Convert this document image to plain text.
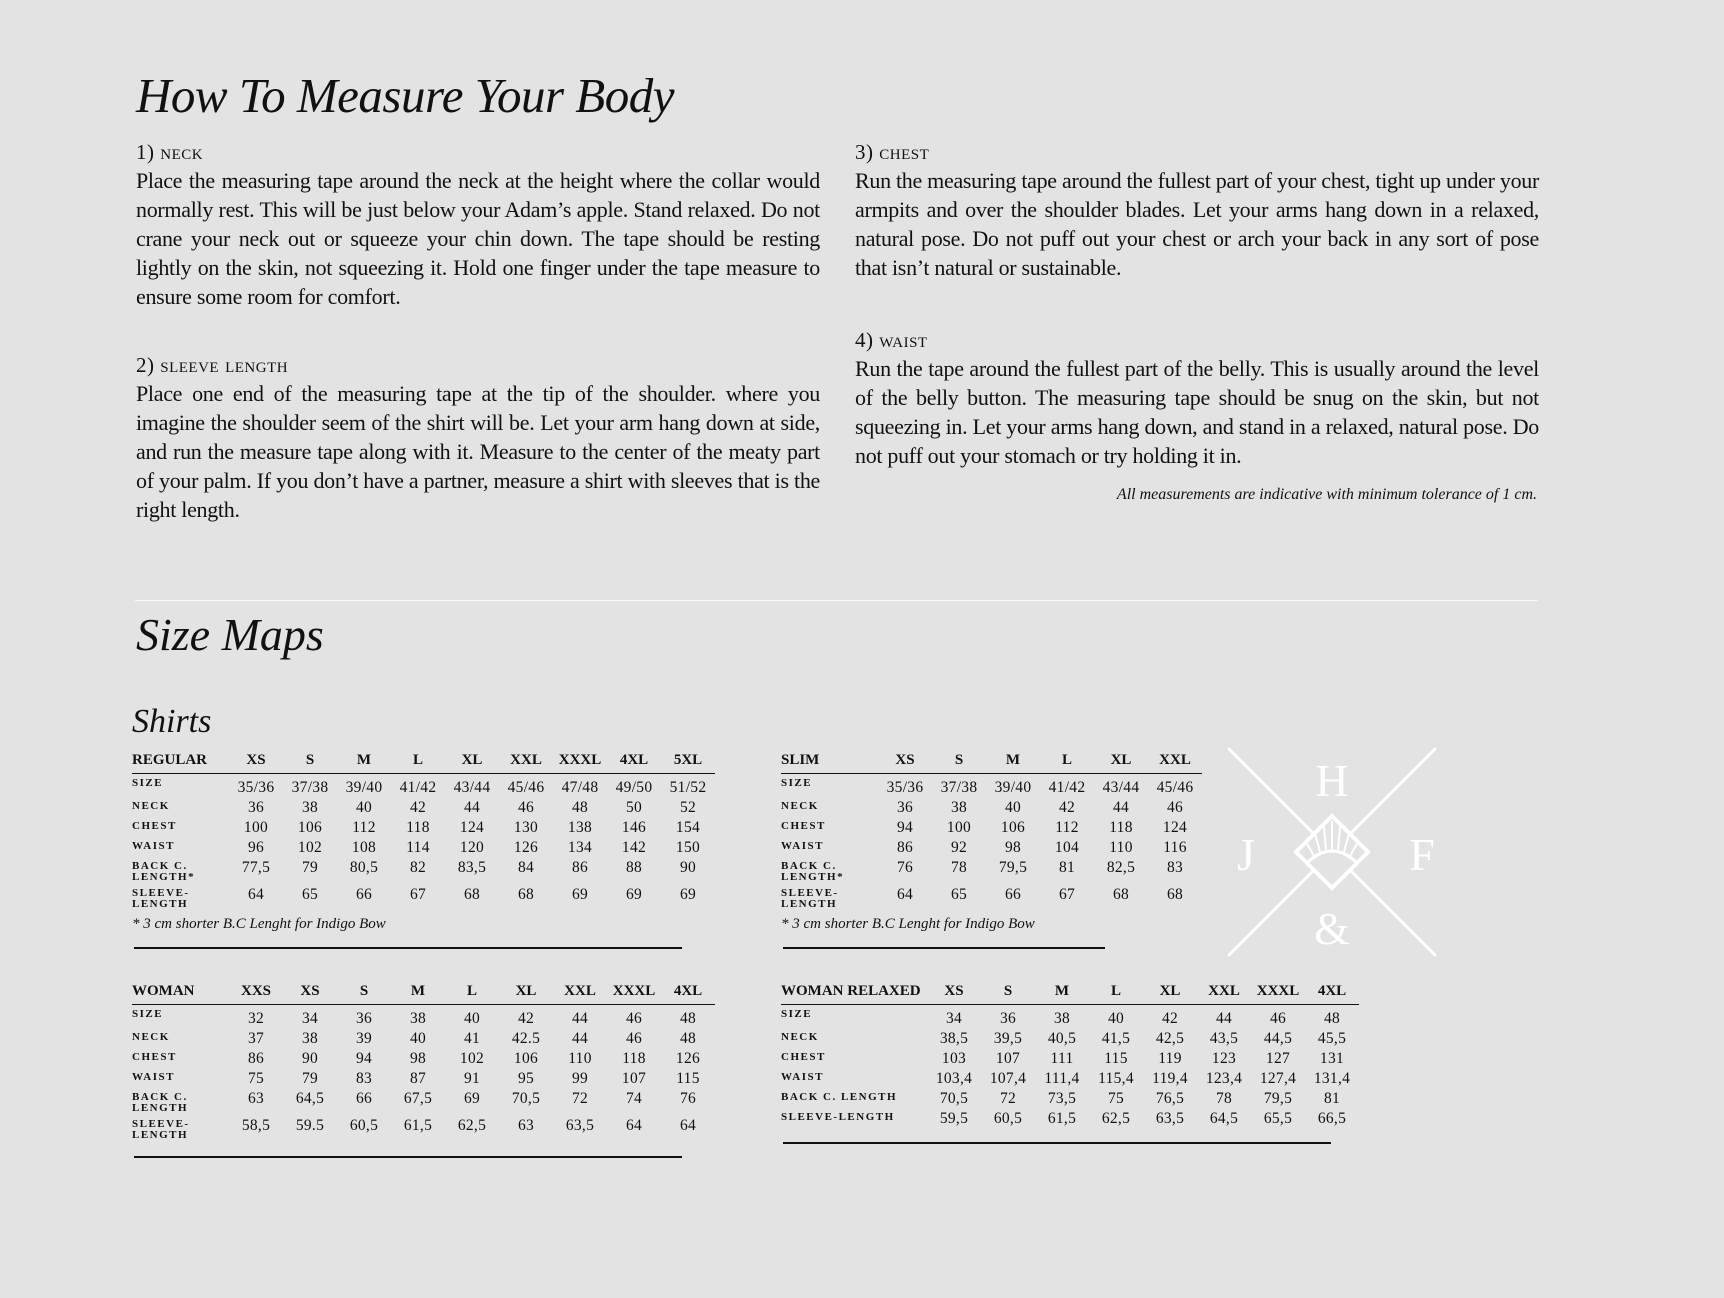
How To Measure Your Body
1) neck

Place the measuring tape around the neck at the height where the collar would normally rest. This will be just below your Adam’s apple. Stand relaxed. Do not crane your neck out or squeeze your chin down. The tape should be resting lightly on the skin, not squeezing it. Hold one finger under the tape measure to ensure some room for comfort.

2) sleeve length

Place one end of the measuring tape at the tip of the shoulder. where you imagine the shoulder seem of the shirt will be. Let your arm hang down at side, and run the measure tape along with it. Measure to the center of the meaty part of your palm. If you don’t have a partner, measure a shirt with sleeves that is the right length.

3) chest

Run the measuring tape around the fullest part of your chest, tight up under your armpits and over the shoulder blades. Let your arms hang down in a relaxed, natural pose. Do not puff out your chest or arch your back in any sort of pose that isn’t natural or sustainable.

4) waist

Run the tape around the fullest part of the belly. This is usually around the level of the belly button. The measuring tape should be snug on the skin, but not squeezing in. Let your arms hang down, and stand in a relaxed, natural pose. Do not puff out your stomach or try holding it in.

All measurements are indicative with minimum tolerance of 1 cm.

Size Maps
Shirts
REGULAR	XS	S	M	L	XL	XXL	XXXL	4XL	5XL
SIZE	35/36	37/38	39/40	41/42	43/44	45/46	47/48	49/50	51/52
NECK	36	38	40	42	44	46	48	50	52
CHEST	100	106	112	118	124	130	138	146	154
WAIST	96	102	108	114	120	126	134	142	150
BACK C. LENGTH*	77,5	79	80,5	82	83,5	84	86	88	90
SLEEVE-LENGTH	64	65	66	67	68	68	69	69	69

* 3 cm shorter B.C Lenght for Indigo Bow

SLIM	XS	S	M	L	XL	XXL
SIZE	35/36	37/38	39/40	41/42	43/44	45/46
NECK	36	38	40	42	44	46
CHEST	94	100	106	112	118	124
WAIST	86	92	98	104	110	116
BACK C. LENGTH*	76	78	79,5	81	82,5	83
SLEEVE-LENGTH	64	65	66	67	68	68

* 3 cm shorter B.C Lenght for Indigo Bow

WOMAN	XXS	XS	S	M	L	XL	XXL	XXXL	4XL
SIZE	32	34	36	38	40	42	44	46	48
NECK	37	38	39	40	41	42.5	44	46	48
CHEST	86	90	94	98	102	106	110	118	126
WAIST	75	79	83	87	91	95	99	107	115
BACK C. LENGTH	63	64,5	66	67,5	69	70,5	72	74	76
SLEEVE-LENGTH	58,5	59.5	60,5	61,5	62,5	63	63,5	64	64
WOMAN RELAXED	XS	S	M	L	XL	XXL	XXXL	4XL
SIZE	34	36	38	40	42	44	46	48
NECK	38,5	39,5	40,5	41,5	42,5	43,5	44,5	45,5
CHEST	103	107	111	115	119	123	127	131
WAIST	103,4	107,4	111,4	115,4	119,4	123,4	127,4	131,4
BACK C. LENGTH	70,5	72	73,5	75	76,5	78	79,5	81
SLEEVE-LENGTH	59,5	60,5	61,5	62,5	63,5	64,5	65,5	66,5
H
J	F
&
